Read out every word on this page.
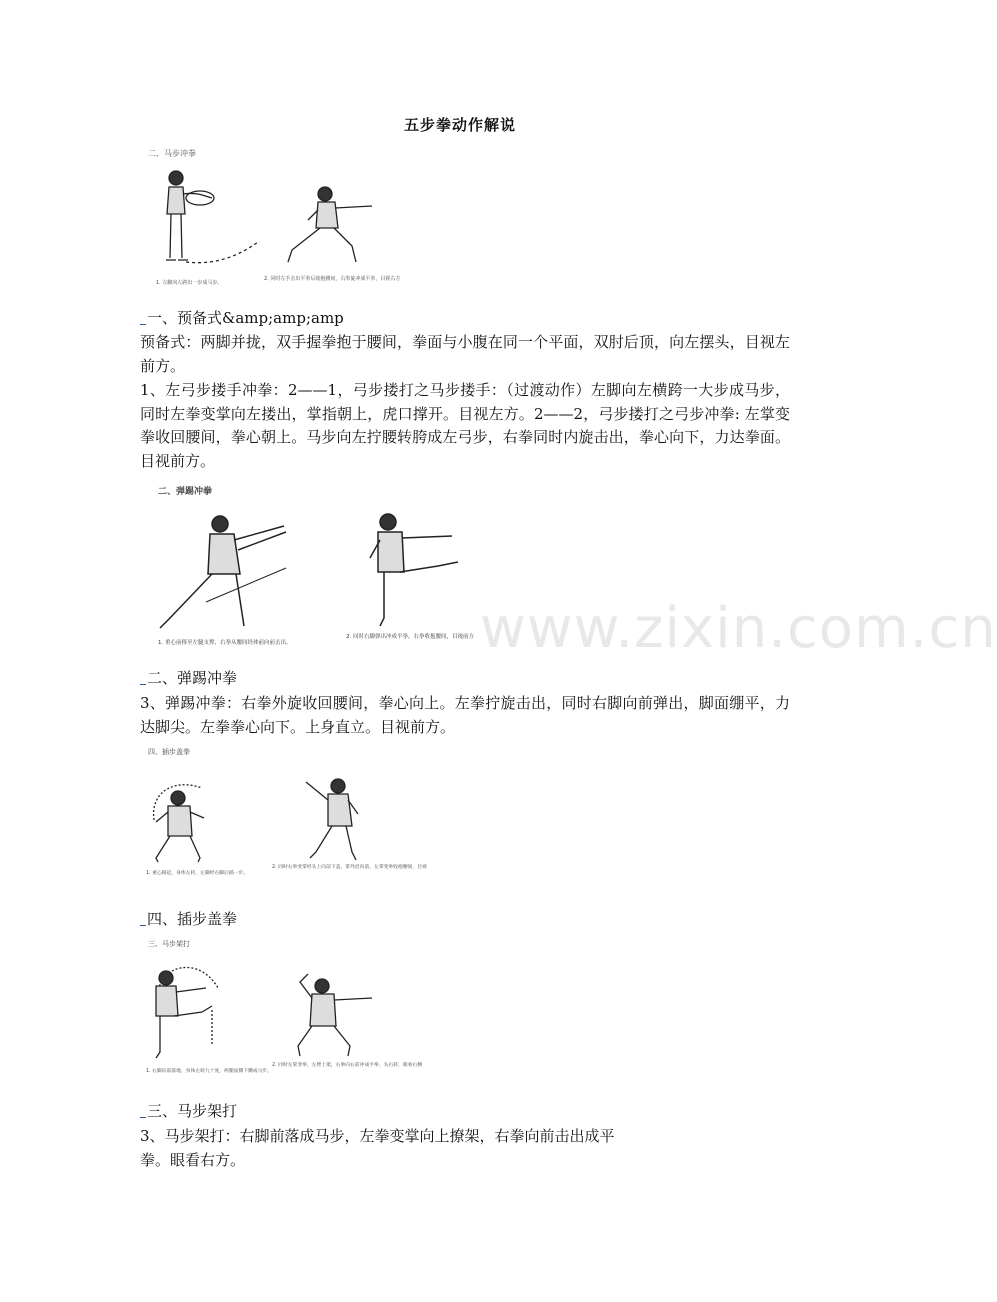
五步拳动作解说
二、马步冲拳
1. 左脚向左跨出一步成马步。
2. 同时左手击出平拳后收抱腰间，右拳旋冲成平拳，目视右方
一、预备式&amp;amp;amp
预备式：两脚并拢，双手握拳抱于腰间，拳面与小腹在同一个平面，双肘后顶，向左摆头，目视左前方。
1、左弓步搂手冲拳：2——1，弓步搂打之马步搂手：（过渡动作）左脚向左横跨一大步成马步，同时左拳变掌向左搂出，掌指朝上，虎口撑开。目视左方。2——2，弓步搂打之弓步冲拳: 左掌变拳收回腰间，拳心朝上。马步向左拧腰转胯成左弓步，右拳同时内旋击出，拳心向下，力达拳面。目视前方。
二、弹踢冲拳
1. 重心前移至左腿支撑，右拳从腰间经体前向前击出。
2. 同时右脚弹出冲成平拳，右拳收抱腰间，目视前方 www.zixin.com.cn
二、弹踢冲拳
3、弹踢冲拳：右拳外旋收回腰间，拳心向上。左拳拧旋击出，同时右脚向前弹出，脚面绷平，力达脚尖。左拳拳心向下。上身直立。目视前方。
四、插步盖拳
1. 重心移起，身体左转，左脚经右脚后插一步。
2. 同时右拳变掌经头上向前下盖，掌外沿向前，左掌变拳收抱腰间，目视
四、插步盖拳
三、马步架打
1. 右脚向前落地，身体左转九十度，两腿屈膝下蹲成马步。
2. 同时左掌变拳，左臂上架，右拳向右前冲成平拳，头右转，眼看右侧
三、马步架打
3、马步架打：右脚前落成马步，左拳变掌向上撩架，右拳向前击出成平
拳。眼看右方。
